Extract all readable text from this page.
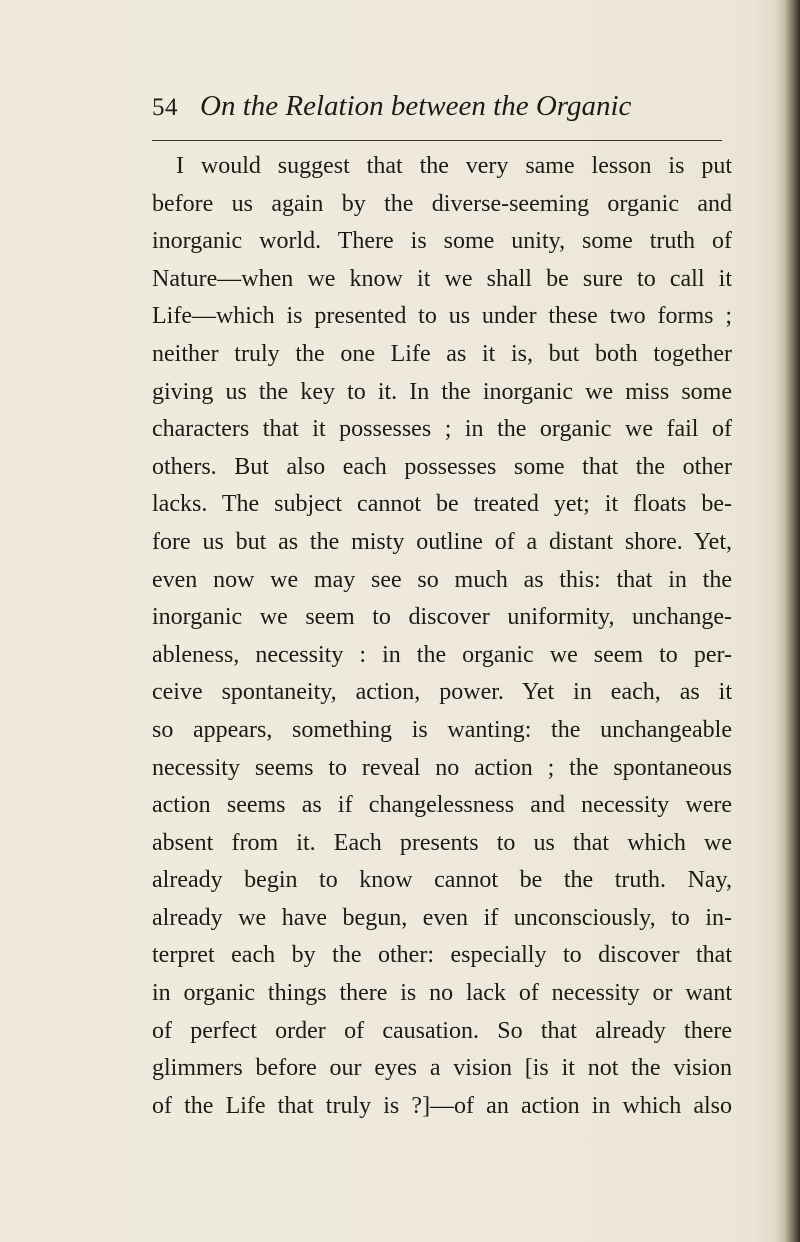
54 On the Relation between the Organic
I would suggest that the very same lesson is put
before us again by the diverse-seeming organic and
inorganic world. There is some unity, some truth of
Nature—when we know it we shall be sure to call it
Life—which is presented to us under these two forms ;
neither truly the one Life as it is, but both together
giving us the key to it. In the inorganic we miss some
characters that it possesses ; in the organic we fail of
others. But also each possesses some that the other
lacks. The subject cannot be treated yet; it floats be-
fore us but as the misty outline of a distant shore. Yet,
even now we may see so much as this: that in the
inorganic we seem to discover uniformity, unchange-
ableness, necessity : in the organic we seem to per-
ceive spontaneity, action, power. Yet in each, as it
so appears, something is wanting: the unchangeable
necessity seems to reveal no action ; the spontaneous
action seems as if changelessness and necessity were
absent from it. Each presents to us that which we
already begin to know cannot be the truth. Nay,
already we have begun, even if unconsciously, to in-
terpret each by the other: especially to discover that
in organic things there is no lack of necessity or want
of perfect order of causation. So that already there
glimmers before our eyes a vision [is it not the vision
of the Life that truly is ?]—of an action in which also
